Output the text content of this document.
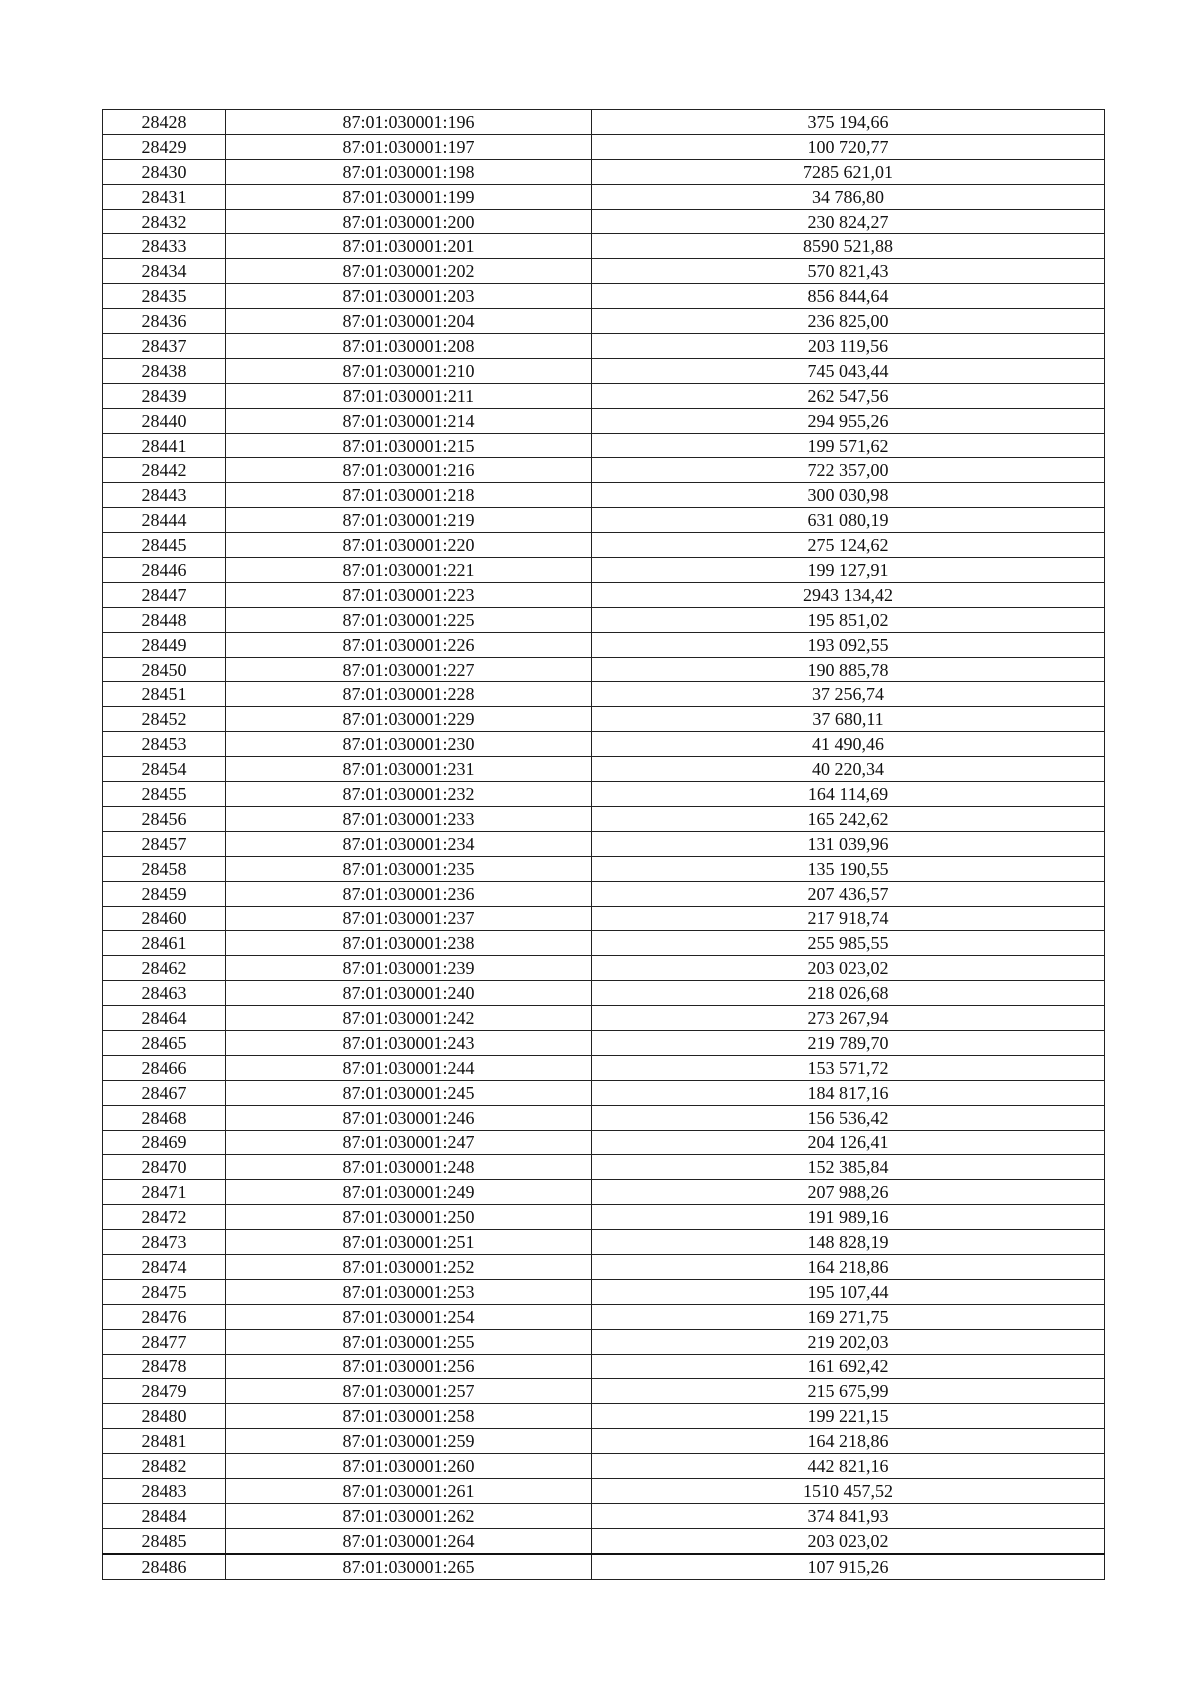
28428	87:01:030001:196	375 194,66
28429	87:01:030001:197	100 720,77
28430	87:01:030001:198	7285 621,01
28431	87:01:030001:199	34 786,80
28432	87:01:030001:200	230 824,27
28433	87:01:030001:201	8590 521,88
28434	87:01:030001:202	570 821,43
28435	87:01:030001:203	856 844,64
28436	87:01:030001:204	236 825,00
28437	87:01:030001:208	203 119,56
28438	87:01:030001:210	745 043,44
28439	87:01:030001:211	262 547,56
28440	87:01:030001:214	294 955,26
28441	87:01:030001:215	199 571,62
28442	87:01:030001:216	722 357,00
28443	87:01:030001:218	300 030,98
28444	87:01:030001:219	631 080,19
28445	87:01:030001:220	275 124,62
28446	87:01:030001:221	199 127,91
28447	87:01:030001:223	2943 134,42
28448	87:01:030001:225	195 851,02
28449	87:01:030001:226	193 092,55
28450	87:01:030001:227	190 885,78
28451	87:01:030001:228	37 256,74
28452	87:01:030001:229	37 680,11
28453	87:01:030001:230	41 490,46
28454	87:01:030001:231	40 220,34
28455	87:01:030001:232	164 114,69
28456	87:01:030001:233	165 242,62
28457	87:01:030001:234	131 039,96
28458	87:01:030001:235	135 190,55
28459	87:01:030001:236	207 436,57
28460	87:01:030001:237	217 918,74
28461	87:01:030001:238	255 985,55
28462	87:01:030001:239	203 023,02
28463	87:01:030001:240	218 026,68
28464	87:01:030001:242	273 267,94
28465	87:01:030001:243	219 789,70
28466	87:01:030001:244	153 571,72
28467	87:01:030001:245	184 817,16
28468	87:01:030001:246	156 536,42
28469	87:01:030001:247	204 126,41
28470	87:01:030001:248	152 385,84
28471	87:01:030001:249	207 988,26
28472	87:01:030001:250	191 989,16
28473	87:01:030001:251	148 828,19
28474	87:01:030001:252	164 218,86
28475	87:01:030001:253	195 107,44
28476	87:01:030001:254	169 271,75
28477	87:01:030001:255	219 202,03
28478	87:01:030001:256	161 692,42
28479	87:01:030001:257	215 675,99
28480	87:01:030001:258	199 221,15
28481	87:01:030001:259	164 218,86
28482	87:01:030001:260	442 821,16
28483	87:01:030001:261	1510 457,52
28484	87:01:030001:262	374 841,93
28485	87:01:030001:264	203 023,02
28486	87:01:030001:265	107 915,26
